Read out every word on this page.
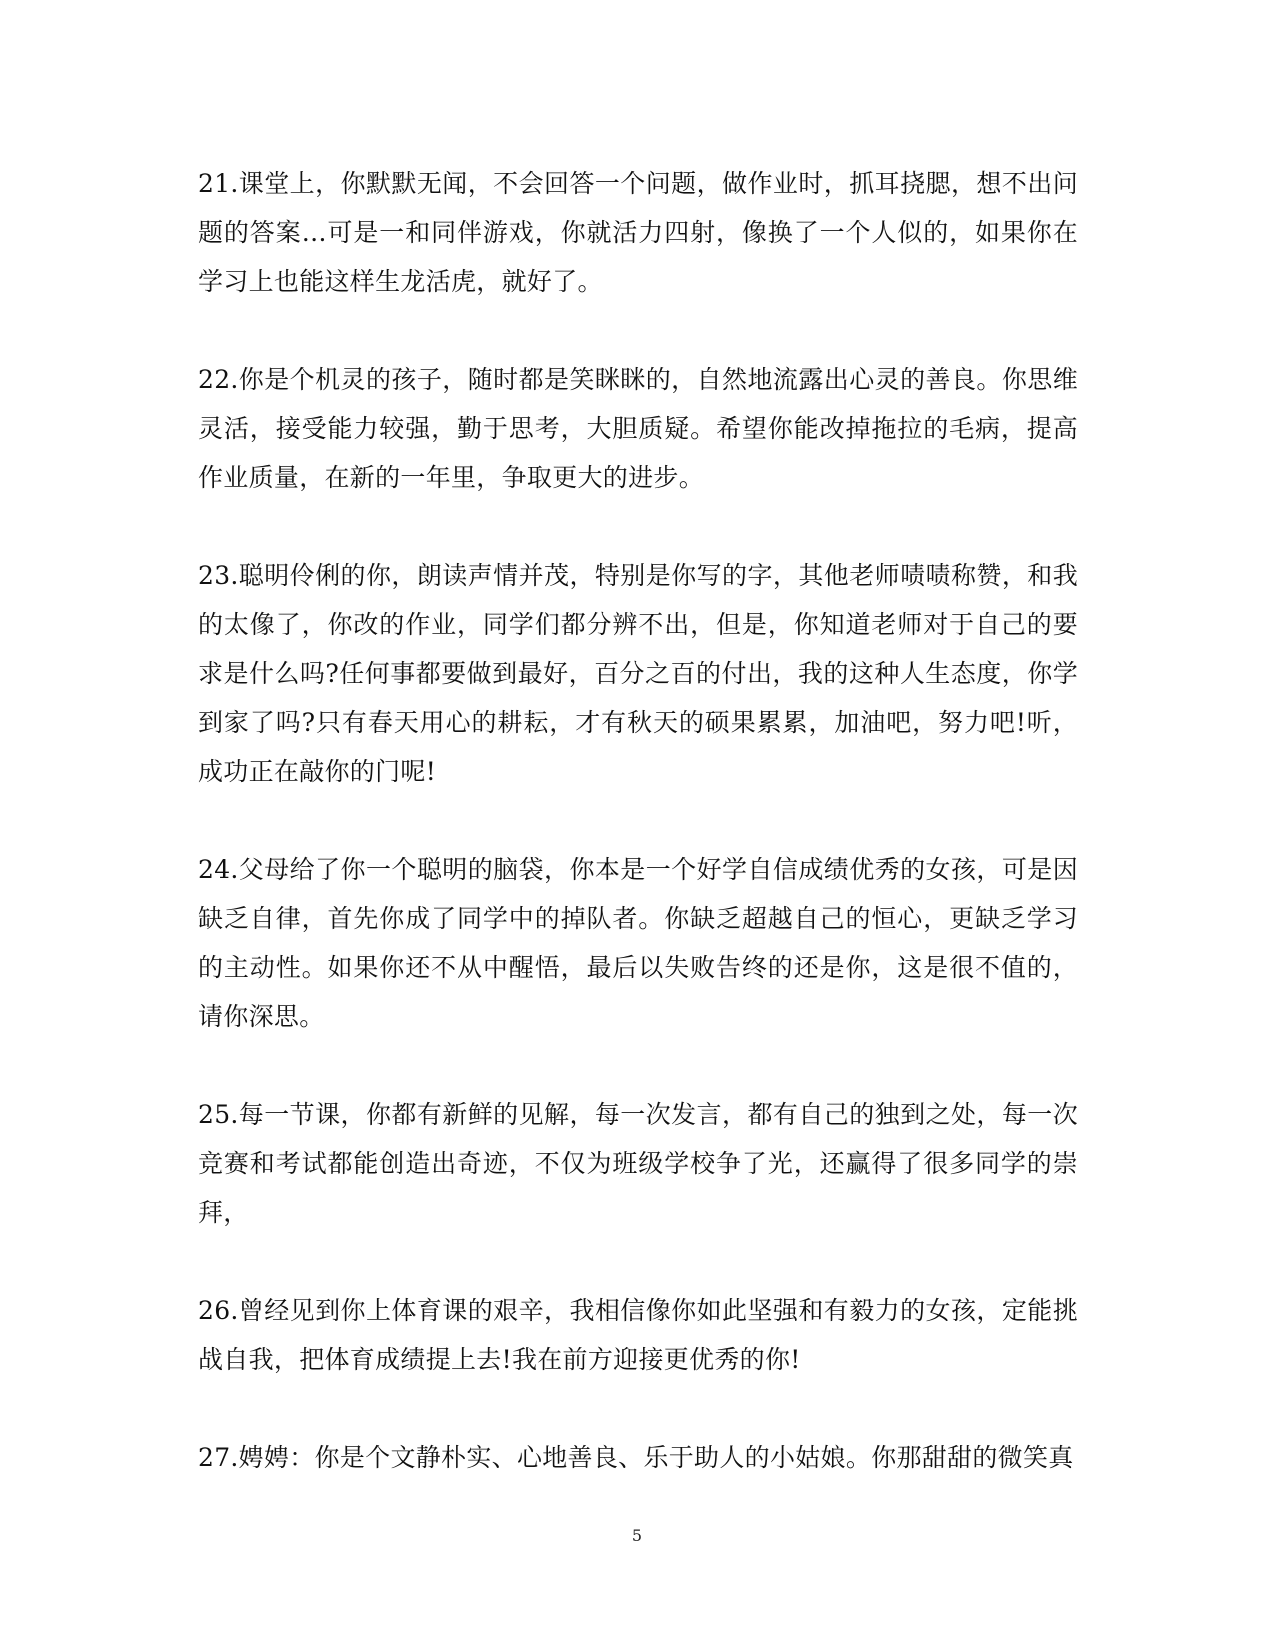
21.课堂上，你默默无闻，不会回答一个问题，做作业时，抓耳挠腮，想不出问题的答案…可是一和同伴游戏，你就活力四射，像换了一个人似的，如果你在学习上也能这样生龙活虎，就好了。

22.你是个机灵的孩子，随时都是笑眯眯的，自然地流露出心灵的善良。你思维灵活，接受能力较强，勤于思考，大胆质疑。希望你能改掉拖拉的毛病，提高作业质量，在新的一年里，争取更大的进步。

23.聪明伶俐的你，朗读声情并茂，特别是你写的字，其他老师啧啧称赞，和我的太像了，你改的作业，同学们都分辨不出，但是，你知道老师对于自己的要求是什么吗?任何事都要做到最好，百分之百的付出，我的这种人生态度，你学到家了吗?只有春天用心的耕耘，才有秋天的硕果累累，加油吧，努力吧!听，成功正在敲你的门呢!

24.父母给了你一个聪明的脑袋，你本是一个好学自信成绩优秀的女孩，可是因缺乏自律，首先你成了同学中的掉队者。你缺乏超越自己的恒心，更缺乏学习的主动性。如果你还不从中醒悟，最后以失败告终的还是你，这是很不值的，请你深思。

25.每一节课，你都有新鲜的见解，每一次发言，都有自己的独到之处，每一次竞赛和考试都能创造出奇迹，不仅为班级学校争了光，还赢得了很多同学的崇拜，

26.曾经见到你上体育课的艰辛，我相信像你如此坚强和有毅力的女孩，定能挑战自我，把体育成绩提上去!我在前方迎接更优秀的你!

27.娉娉：你是个文静朴实、心地善良、乐于助人的小姑娘。你那甜甜的微笑真

5
